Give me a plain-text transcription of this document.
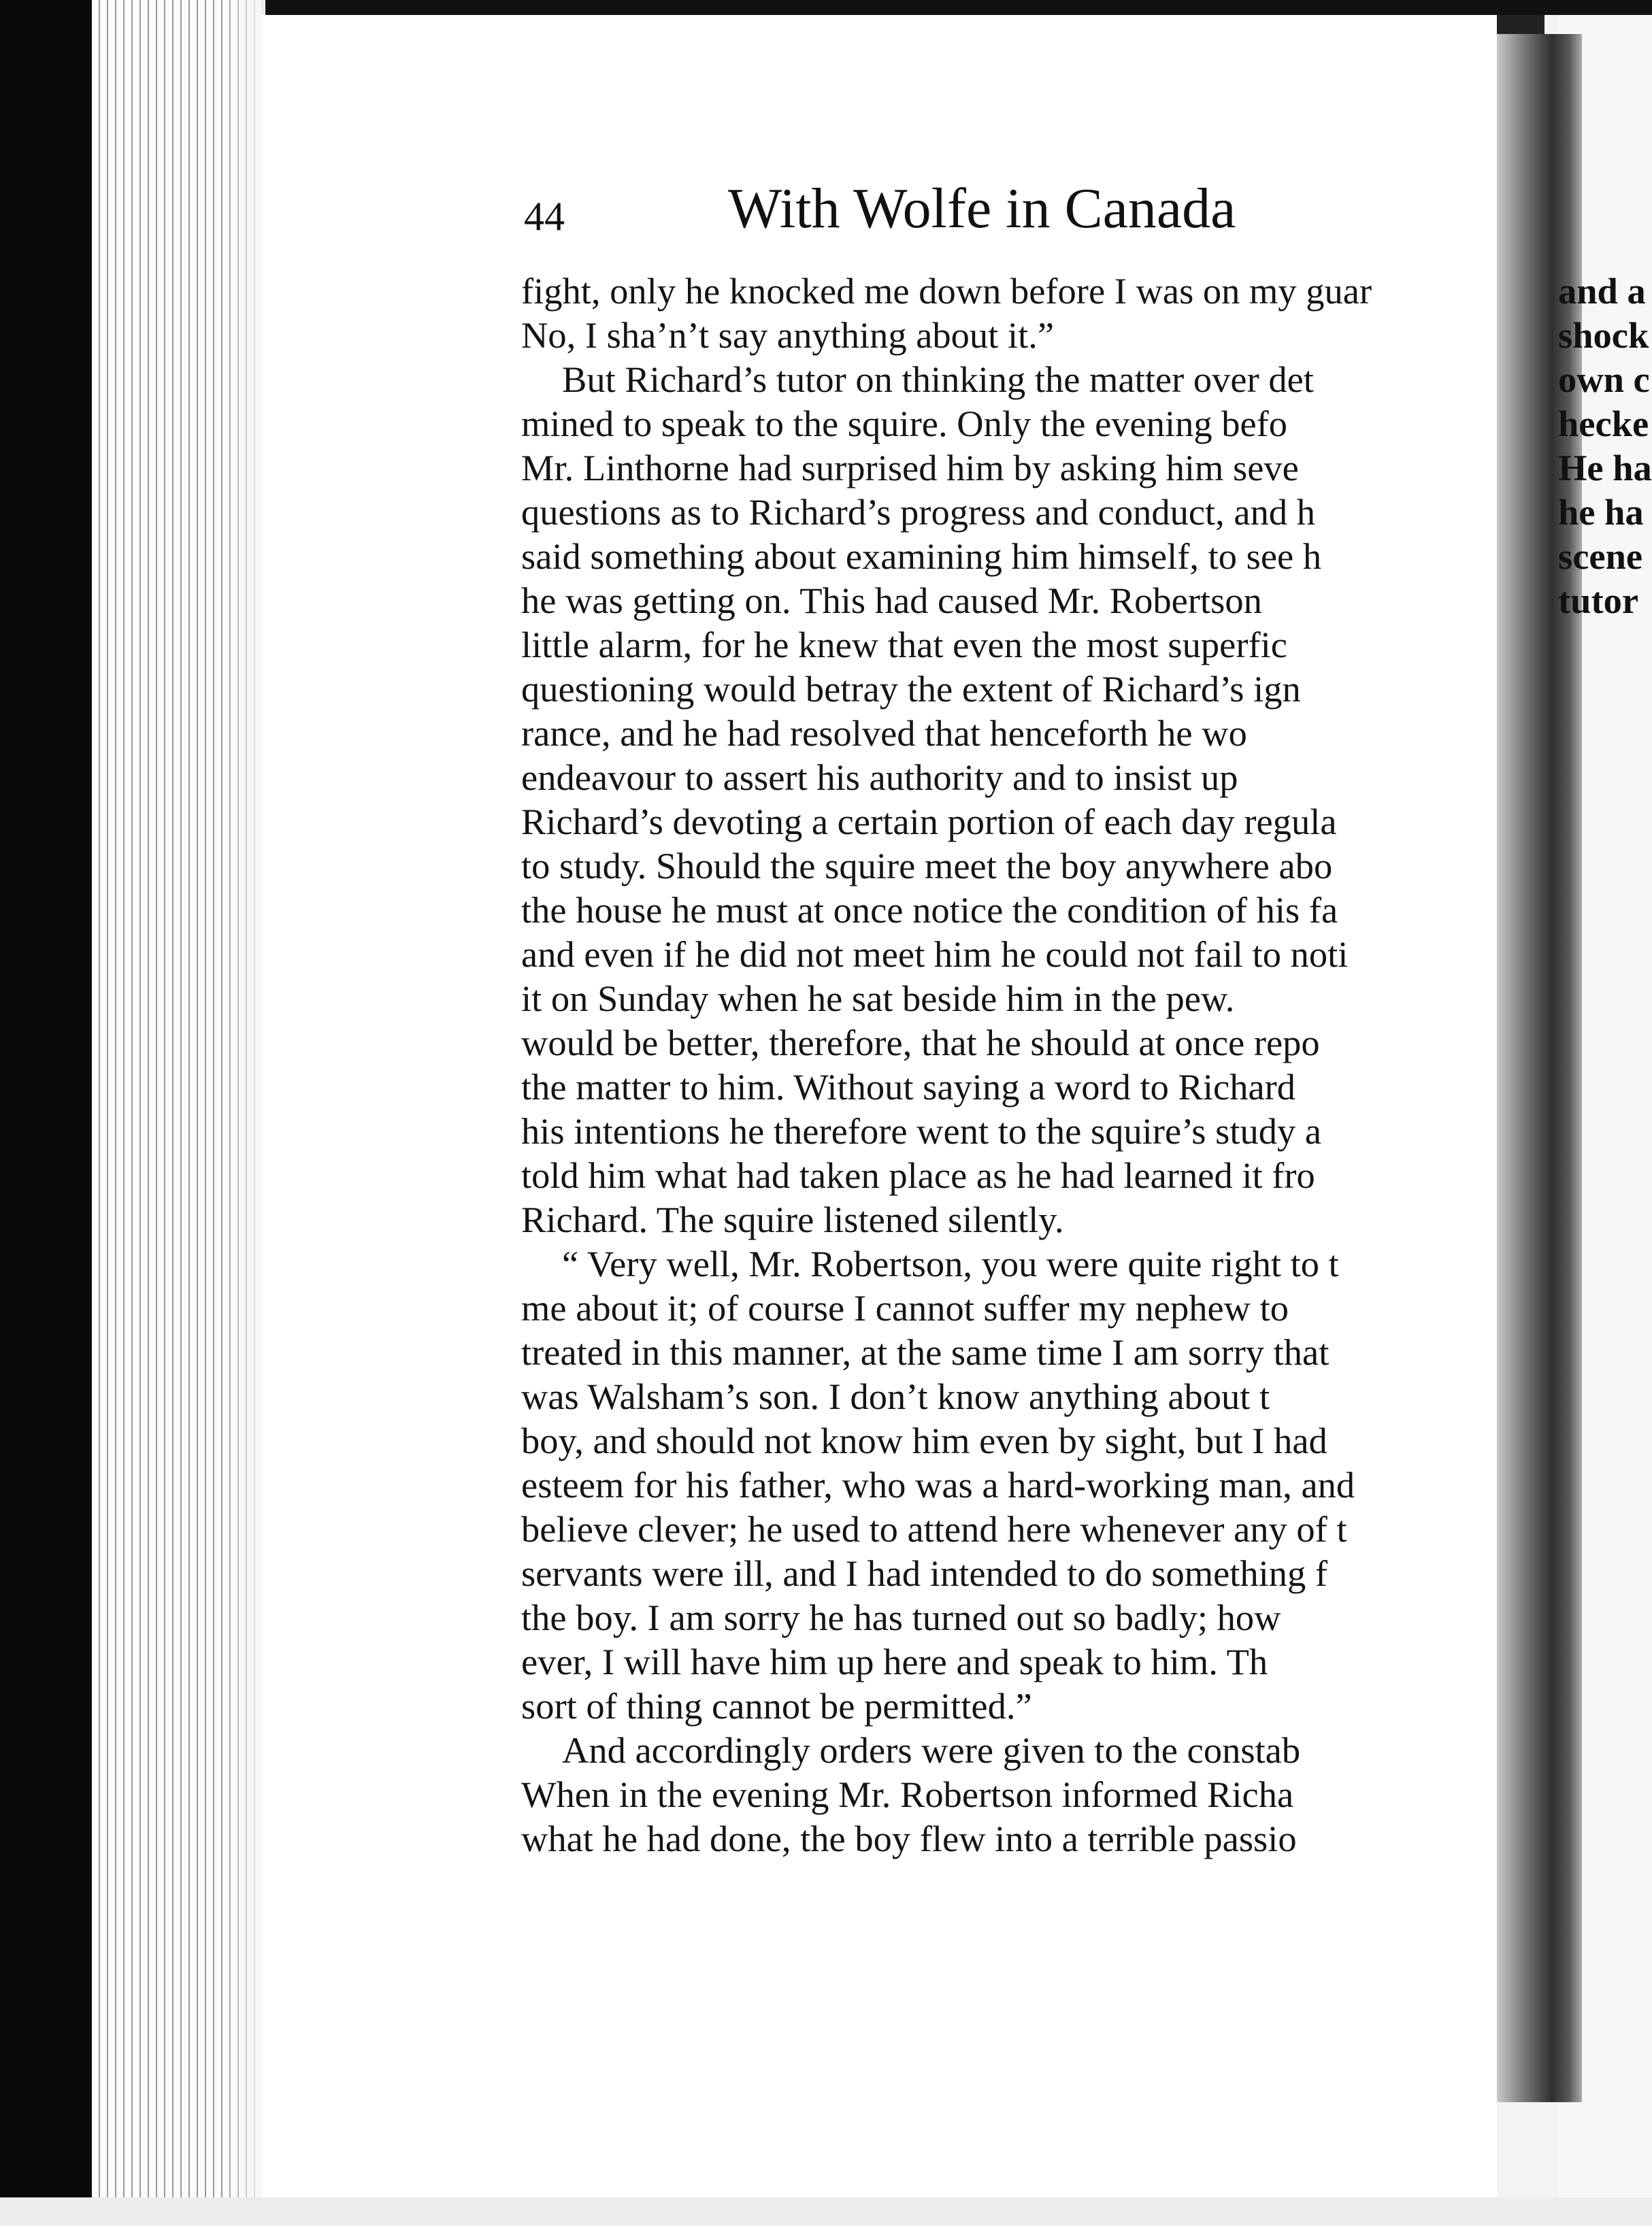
44	With Wolfe in Canada
fight, only he knocked me down before I was on my guar
No, I sha’n’t say anything about it.”
But Richard’s tutor on thinking the matter over det
mined to speak to the squire. Only the evening befo
Mr. Linthorne had surprised him by asking him seve
questions as to Richard’s progress and conduct, and h
said something about examining him himself, to see h
he was getting on. This had caused Mr. Robertson
little alarm, for he knew that even the most superfic
questioning would betray the extent of Richard’s ign
rance, and he had resolved that henceforth he wo
endeavour to assert his authority and to insist up
Richard’s devoting a certain portion of each day regula
to study. Should the squire meet the boy anywhere abo
the house he must at once notice the condition of his fa
and even if he did not meet him he could not fail to noti
it on Sunday when he sat beside him in the pew.
would be better, therefore, that he should at once repo
the matter to him. Without saying a word to Richard
his intentions he therefore went to the squire’s study a
told him what had taken place as he had learned it fro
Richard. The squire listened silently.
“ Very well, Mr. Robertson, you were quite right to t
me about it; of course I cannot suffer my nephew to
treated in this manner, at the same time I am sorry that
was Walsham’s son. I don’t know anything about t
boy, and should not know him even by sight, but I had
esteem for his father, who was a hard-working man, and
believe clever; he used to attend here whenever any of t
servants were ill, and I had intended to do something f
the boy. I am sorry he has turned out so badly; how
ever, I will have him up here and speak to him. Th
sort of thing cannot be permitted.”
And accordingly orders were given to the constab
When in the evening Mr. Robertson informed Richa
what he had done, the boy flew into a terrible passio
and a
shock
own c
hecke
He ha
he ha
scene
tutor
